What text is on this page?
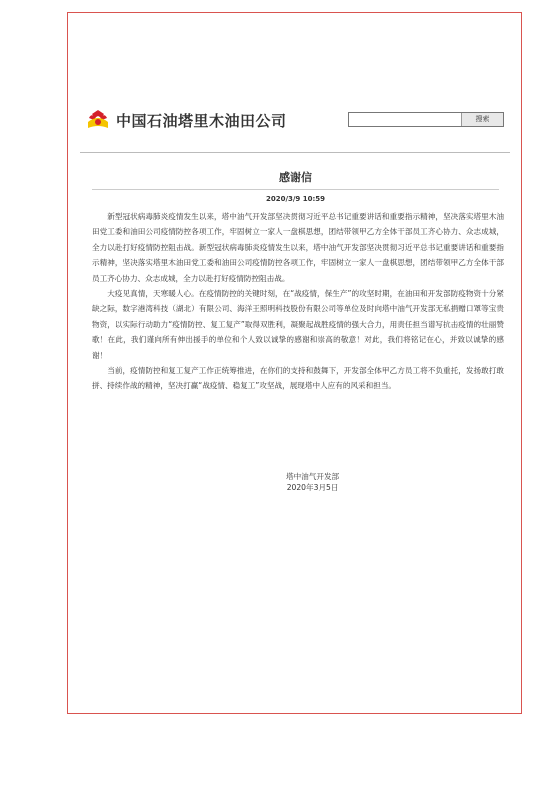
中国石油塔里木油田公司	搜索
感谢信
2020/3/9 10:59

新型冠状病毒肺炎疫情发生以来，塔中油气开发部坚决贯彻习近平总书记重要讲话和重要指示精神，坚决落实塔里木油田党工委和油田公司疫情防控各项工作，牢固树立一家人一盘棋思想，团结带领甲乙方全体干部员工齐心协力、众志成城，全力以赴打好疫情防控阻击战。新型冠状病毒肺炎疫情发生以来，塔中油气开发部坚决贯彻习近平总书记重要讲话和重要指示精神，坚决落实塔里木油田党工委和油田公司疫情防控各项工作，牢固树立一家人一盘棋思想，团结带领甲乙方全体干部员工齐心协力、众志成城，全力以赴打好疫情防控阻击战。

大疫见真情，天寒暖人心。在疫情防控的关键时刻，在“战疫情，保生产”的攻坚时期，在油田和开发部防疫物资十分紧缺之际，数字港湾科技（湖北）有限公司、海洋王照明科技股份有限公司等单位及时向塔中油气开发部无私捐赠口罩等宝贵物资，以实际行动助力“疫情防控、复工复产”取得双胜利，凝聚起战胜疫情的强大合力，用责任担当谱写抗击疫情的壮丽赞歌！在此，我们谨向所有伸出援手的单位和个人致以诚挚的感谢和崇高的敬意！对此，我们将铭记在心，并致以诚挚的感谢！

当前，疫情防控和复工复产工作正统筹推进，在你们的支持和鼓舞下，开发部全体甲乙方员工将不负重托，发扬敢打敢拼、持续作战的精神，坚决打赢“战疫情、稳复工”攻坚战，展现塔中人应有的风采和担当。

塔中油气开发部
2020年3月5日
